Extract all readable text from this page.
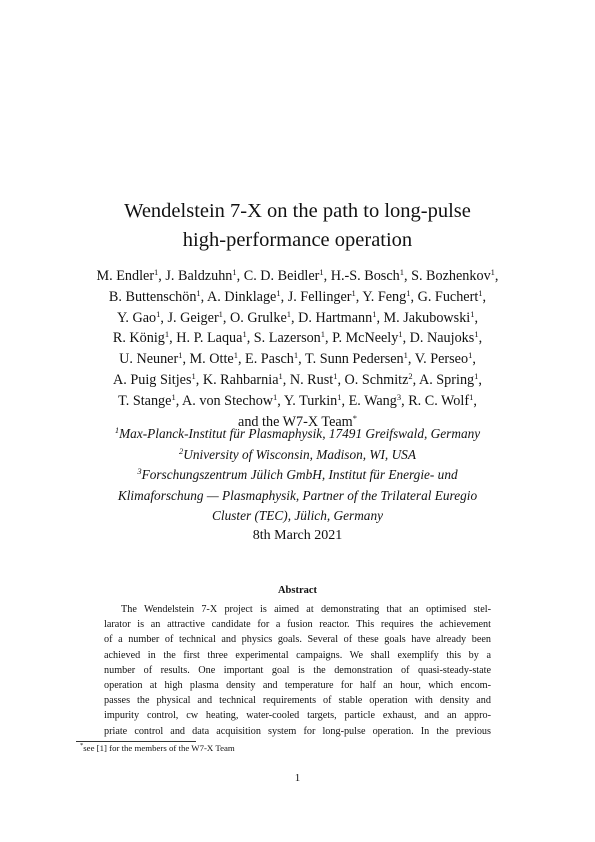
Wendelstein 7-X on the path to long-pulse
high-performance operation
M. Endler$^1$, J. Baldzuhn$^1$, C. D. Beidler$^1$, H.-S. Bosch$^1$, S. Bozhenkov$^1$,
B. Buttenschön$^1$, A. Dinklage$^1$, J. Fellinger$^1$, Y. Feng$^1$, G. Fuchert$^1$,
Y. Gao$^1$, J. Geiger$^1$, O. Grulke$^1$, D. Hartmann$^1$, M. Jakubowski$^1$,
R. König$^1$, H. P. Laqua$^1$, S. Lazerson$^1$, P. McNeely$^1$, D. Naujoks$^1$,
U. Neuner$^1$, M. Otte$^1$, E. Pasch$^1$, T. Sunn Pedersen$^1$, V. Perseo$^1$,
A. Puig Sitjes$^1$, K. Rahbarnia$^1$, N. Rust$^1$, O. Schmitz$^2$, A. Spring$^1$,
T. Stange$^1$, A. von Stechow$^1$, Y. Turkin$^1$, E. Wang$^3$, R. C. Wolf$^1$,
and the W7-X Team*
$^1$Max-Planck-Institut für Plasmaphysik, 17491 Greifswald, Germany
$^2$University of Wisconsin, Madison, WI, USA
$^3$Forschungszentrum Jülich GmbH, Institut für Energie- und
Klimaforschung — Plasmaphysik, Partner of the Trilateral Euregio
Cluster (TEC), Jülich, Germany
8th March 2021
Abstract
The Wendelstein 7-X project is aimed at demonstrating that an optimised stel-
larator is an attractive candidate for a fusion reactor. This requires the achievement
of a number of technical and physics goals. Several of these goals have already been
achieved in the first three experimental campaigns. We shall exemplify this by a
number of results. One important goal is the demonstration of quasi-steady-state
operation at high plasma density and temperature for half an hour, which encom-
passes the physical and technical requirements of stable operation with density and
impurity control, cw heating, water-cooled targets, particle exhaust, and an appro-
priate control and data acquisition system for long-pulse operation. In the previous
*see [1] for the members of the W7-X Team
1
